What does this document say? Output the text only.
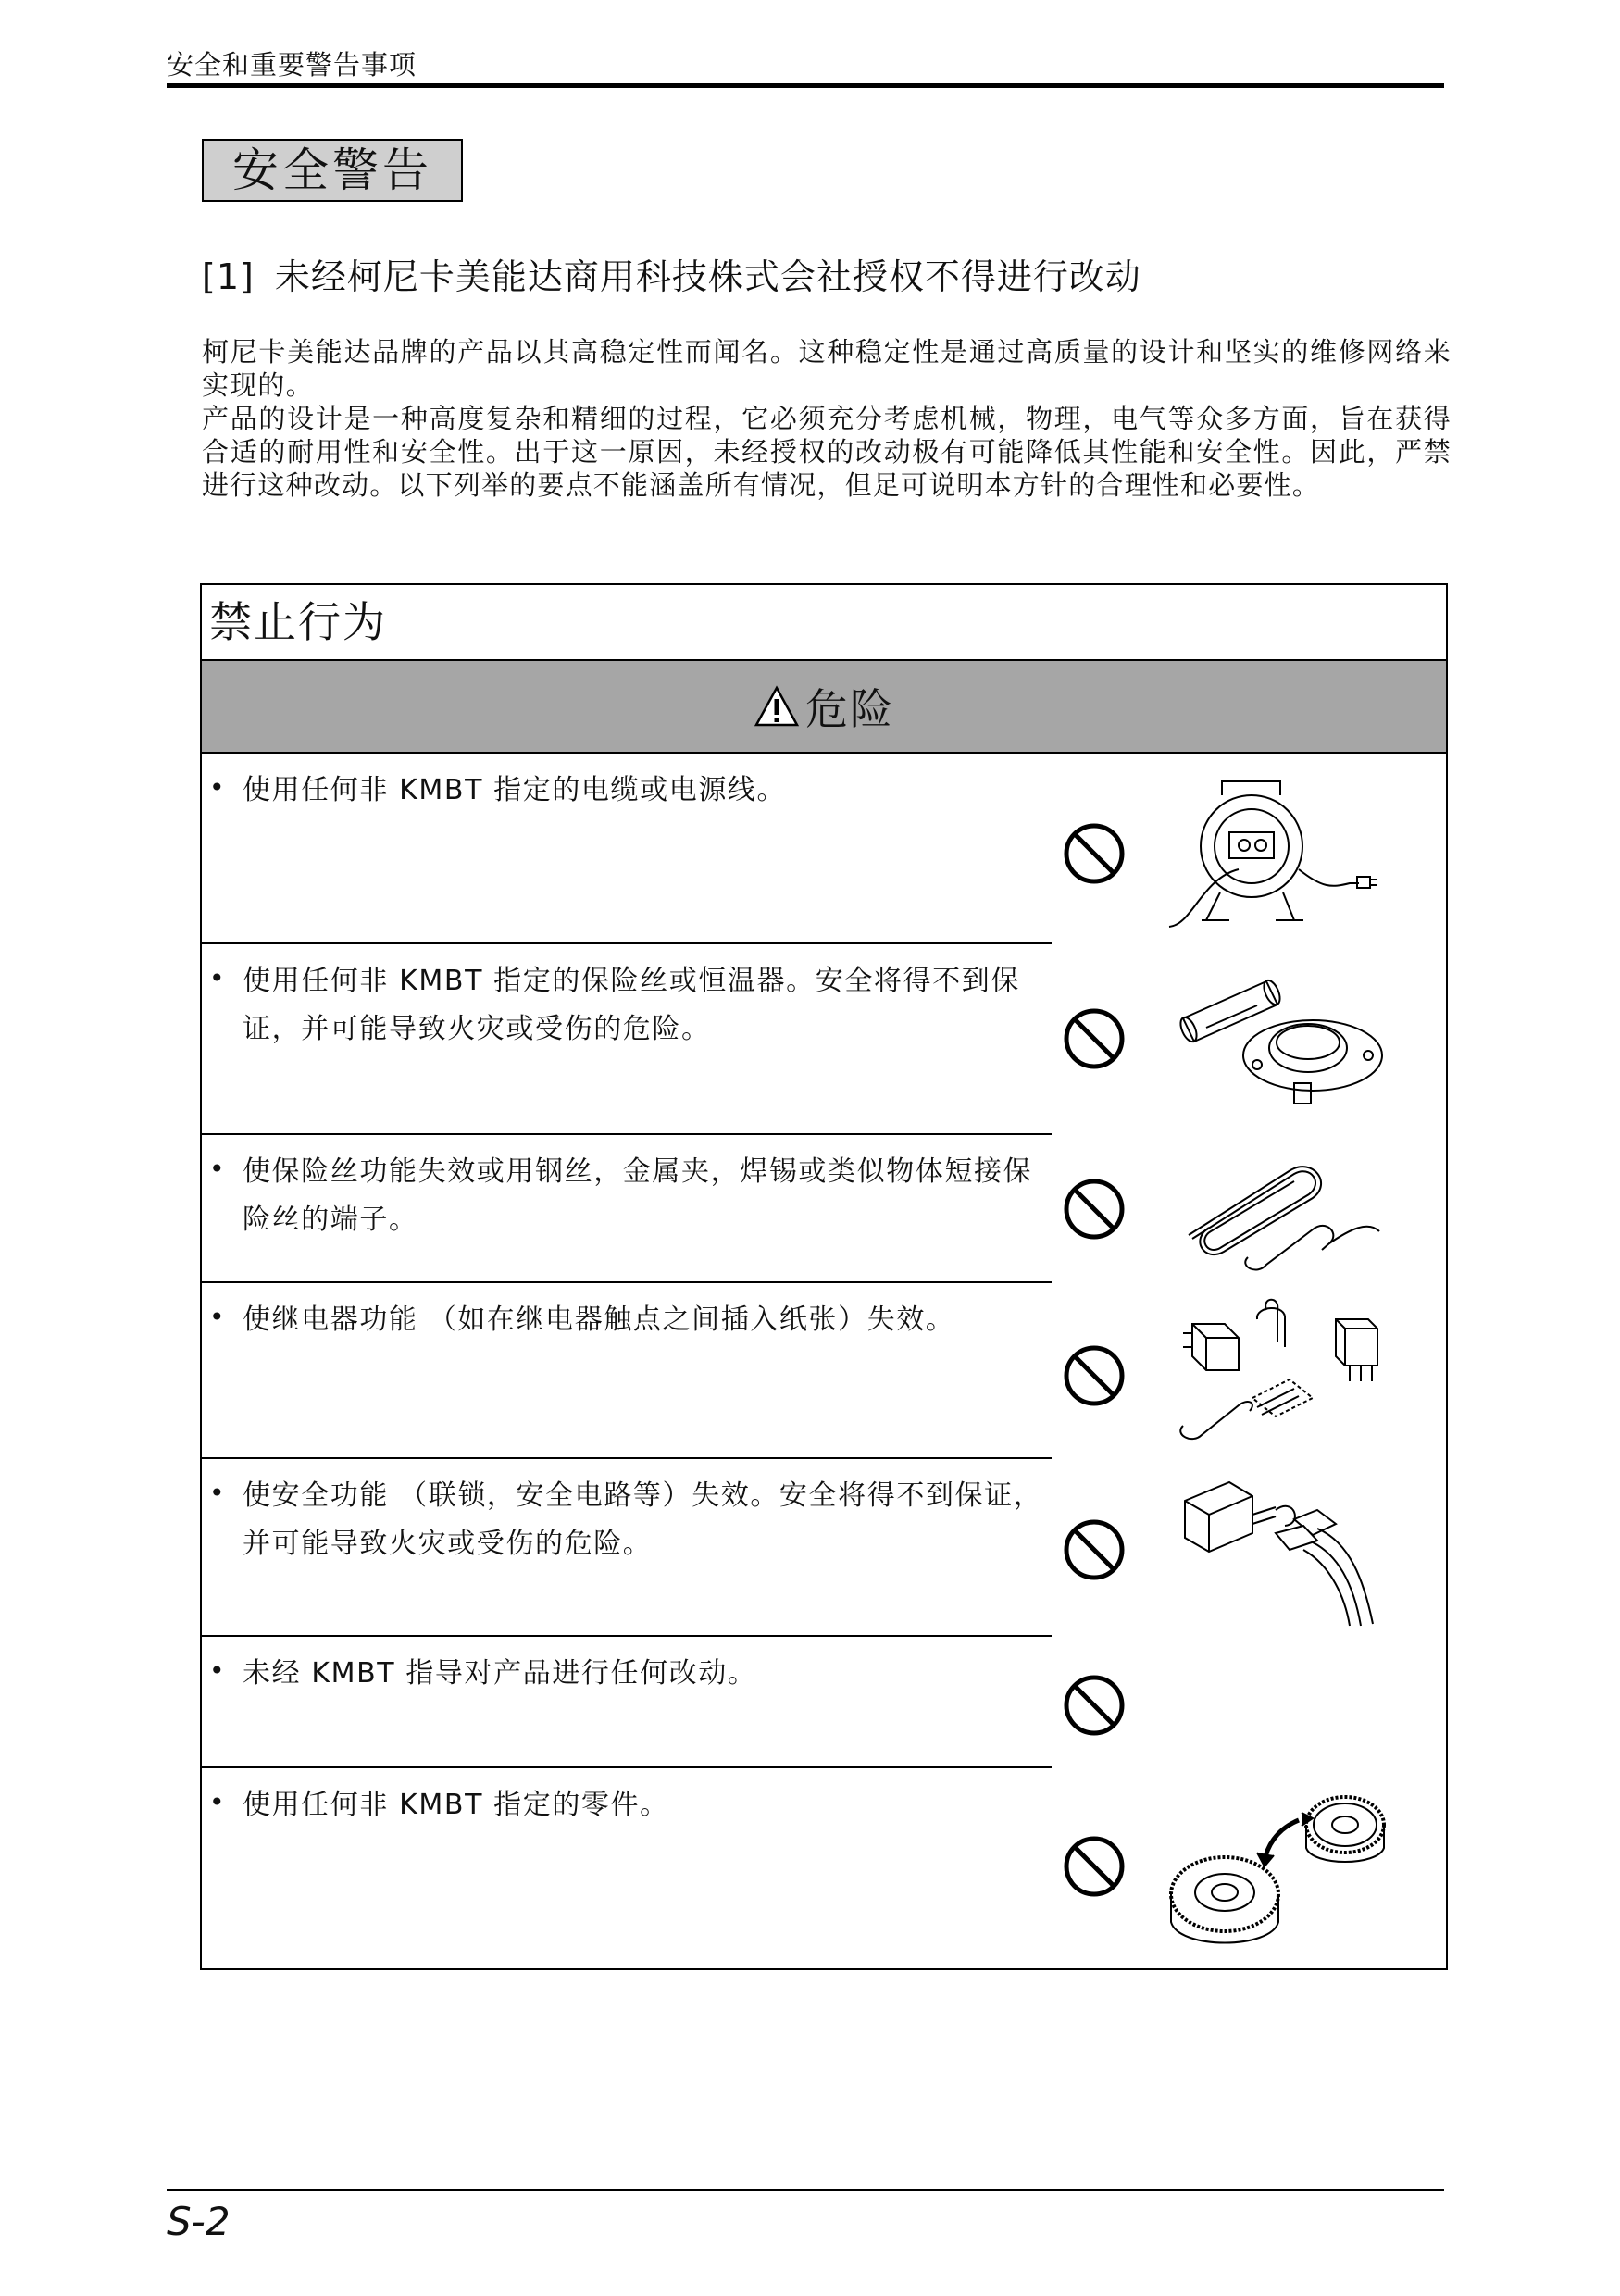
安全和重要警告事项
安全警告
[1] 未经柯尼卡美能达商用科技株式会社授权不得进行改动

柯尼卡美能达品牌的产品以其高稳定性而闻名。这种稳定性是通过高质量的设计和坚实的维修网络来实现的。

产品的设计是一种高度复杂和精细的过程，它必须充分考虑机械，物理，电气等众多方面，旨在获得合适的耐用性和安全性。出于这一原因，未经授权的改动极有可能降低其性能和安全性。因此，严禁进行这种改动。以下列举的要点不能涵盖所有情况，但足可说明本方针的合理性和必要性。

禁止行为
危险
• 使用任何非 KMBT 指定的电缆或电源线。
• 使用任何非 KMBT 指定的保险丝或恒温器。安全将得不到保证，并可能导致火灾或受伤的危险。
• 使保险丝功能失效或用钢丝，金属夹，焊锡或类似物体短接保险丝的端子。
• 使继电器功能 （如在继电器触点之间插入纸张）失效。
• 使安全功能 （联锁，安全电路等）失效。安全将得不到保证，并可能导致火灾或受伤的危险。
• 未经 KMBT 指导对产品进行任何改动。
• 使用任何非 KMBT 指定的零件。
S-2
